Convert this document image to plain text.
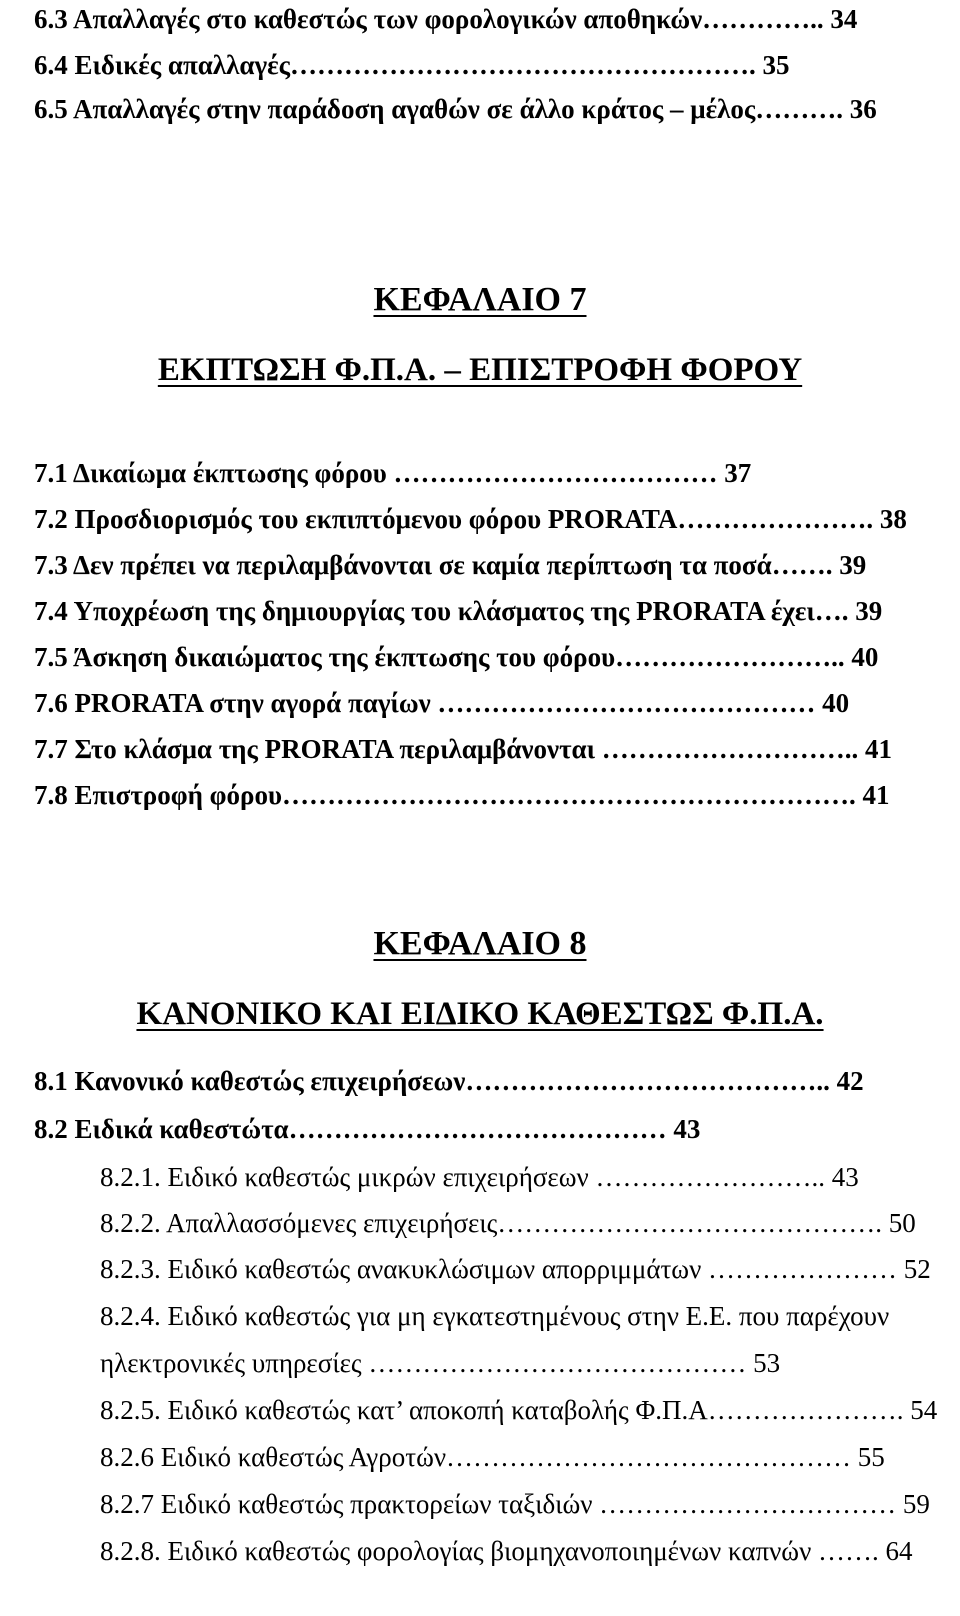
6.3 Απαλλαγές στο καθεστώς των φορολογικών αποθηκών………….. 34

6.4 Ειδικές απαλλαγές……………………………………………. 35

6.5 Απαλλαγές στην παράδοση αγαθών σε άλλο κράτος – μέλος………. 36

ΚΕΦΑΛΑΙΟ 7
ΕΚΠΤΩΣΗ Φ.Π.Α. – ΕΠΙΣΤΡΟΦΗ ΦΟΡΟΥ

7.1 Δικαίωμα έκπτωσης φόρου ……………………………… 37

7.2 Προσδιορισμός του εκπιπτόμενου φόρου PRORATA…………………. 38

7.3 Δεν πρέπει να περιλαμβάνονται σε καμία περίπτωση τα ποσά……. 39

7.4 Υποχρέωση της δημιουργίας του κλάσματος της PRORATA έχει…. 39

7.5 Άσκηση δικαιώματος της έκπτωσης του φόρου…………………….. 40

7.6 PRORATA στην αγορά παγίων …………………………………… 40

7.7 Στο κλάσμα της PRORATA περιλαμβάνονται ……………………….. 41

7.8 Επιστροφή φόρου………………………………………………………. 41

ΚΕΦΑΛΑΙΟ 8
ΚΑΝΟΝΙΚΟ ΚΑΙ ΕΙΔΙΚΟ ΚΑΘΕΣΤΩΣ Φ.Π.Α.

8.1 Κανονικό καθεστώς επιχειρήσεων………………………………….. 42

8.2 Ειδικά καθεστώτα…………………………………… 43

8.2.1. Ειδικό καθεστώς μικρών επιχειρήσεων …………………….. 43

8.2.2. Απαλλασσόμενες επιχειρήσεις……………………………………. 50

8.2.3. Ειδικό καθεστώς ανακυκλώσιμων απορριμμάτων ………………… 52

8.2.4. Ειδικό καθεστώς για μη εγκατεστημένους στην Ε.Ε. που παρέχουν

ηλεκτρονικές υπηρεσίες …………………………………… 53

8.2.5. Ειδικό καθεστώς κατ’ αποκοπή καταβολής Φ.Π.Α…………………. 54

8.2.6 Ειδικό καθεστώς Αγροτών……………………………………… 55

8.2.7 Ειδικό καθεστώς πρακτορείων ταξιδιών …………………………… 59

8.2.8. Ειδικό καθεστώς φορολογίας βιομηχανοποιημένων καπνών ……. 64
